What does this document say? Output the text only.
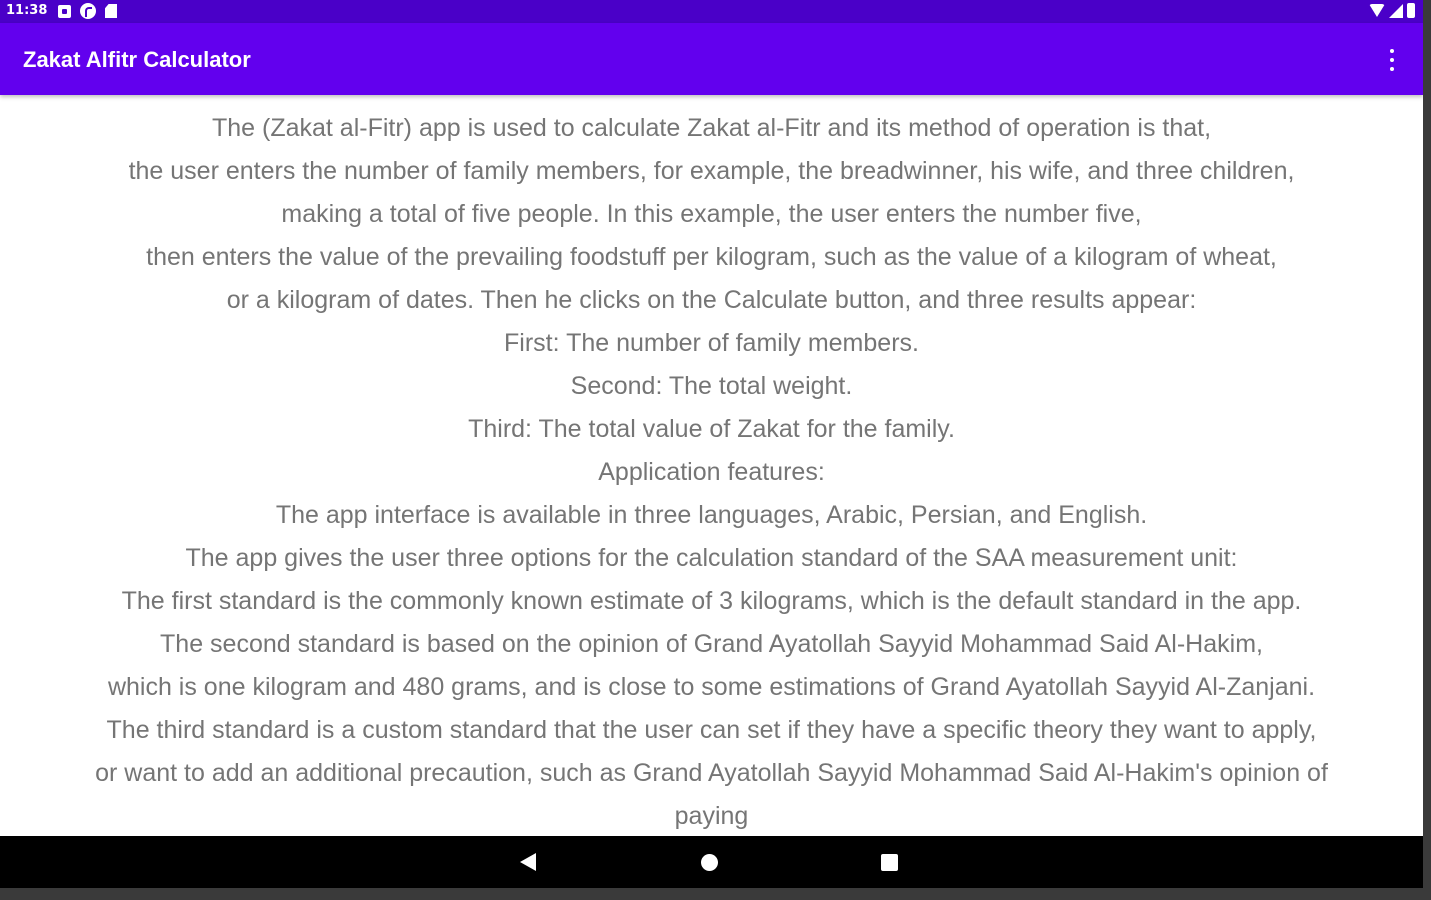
11:38
Zakat Alfitr Calculator

The (Zakat al-Fitr) app is used to calculate Zakat al-Fitr and its method of operation is that,
the user enters the number of family members, for example, the breadwinner, his wife, and three children,
making a total of five people. In this example, the user enters the number five,
then enters the value of the prevailing foodstuff per kilogram, such as the value of a kilogram of wheat,
or a kilogram of dates. Then he clicks on the Calculate button, and three results appear:
First: The number of family members.
Second: The total weight.
Third: The total value of Zakat for the family.
Application features:
The app interface is available in three languages, Arabic, Persian, and English.
The app gives the user three options for the calculation standard of the SAA measurement unit:
The first standard is the commonly known estimate of 3 kilograms, which is the default standard in the app.
The second standard is based on the opinion of Grand Ayatollah Sayyid Mohammad Said Al-Hakim,
which is one kilogram and 480 grams, and is close to some estimations of Grand Ayatollah Sayyid Al-Zanjani.
The third standard is a custom standard that the user can set if they have a specific theory they want to apply,
or want to add an additional precaution, such as Grand Ayatollah Sayyid Mohammad Said Al-Hakim's opinion of
paying
